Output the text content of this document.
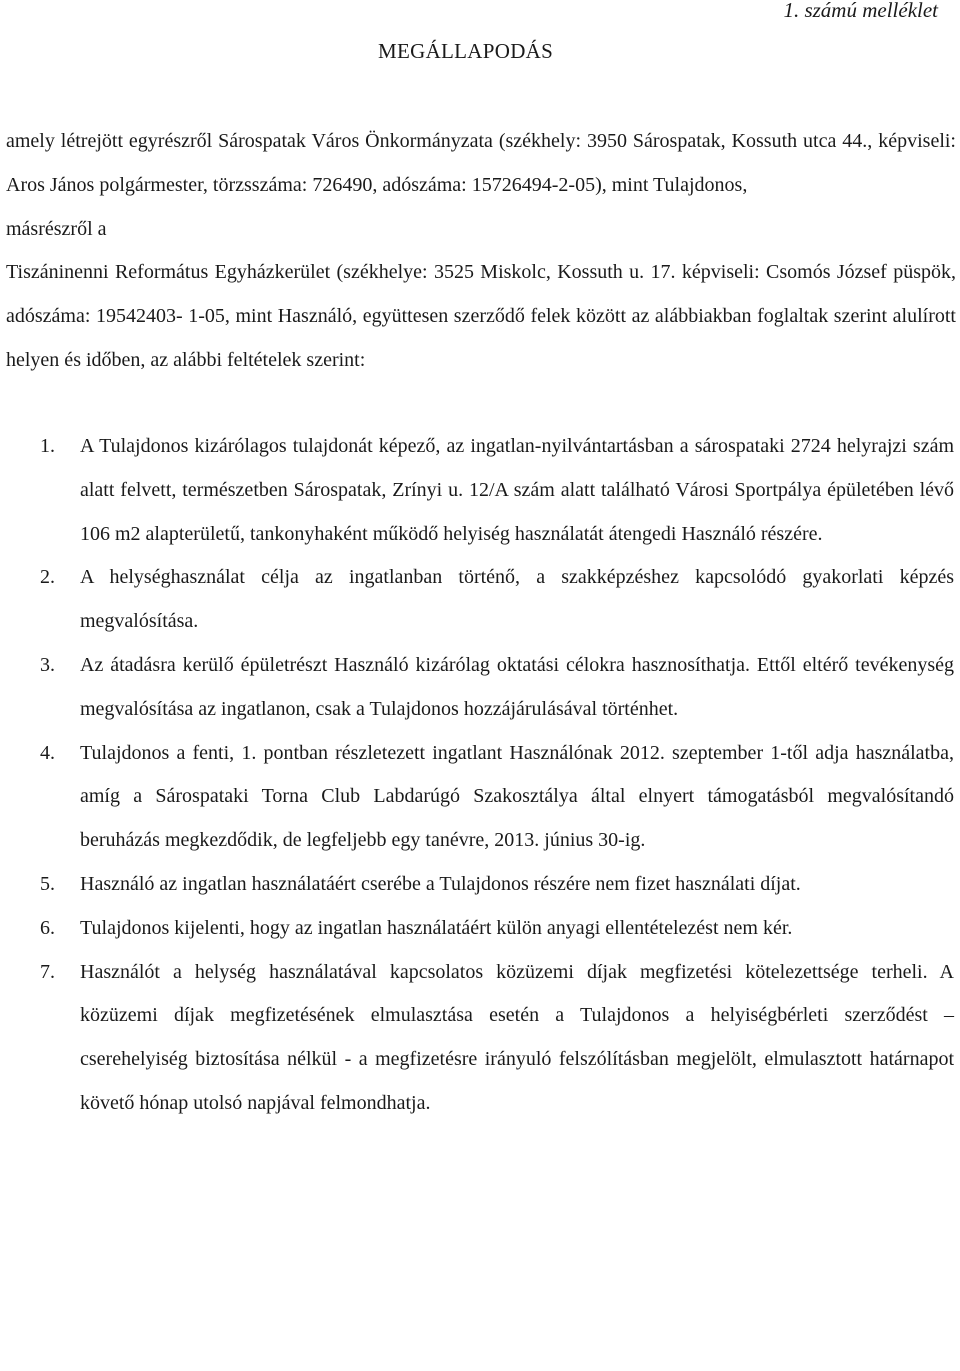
1. számú melléklet

MEGÁLLAPODÁS

amely létrejött egyrészről Sárospatak Város Önkormányzata (székhely: 3950 Sárospatak, Kossuth utca 44., képviseli: Aros János polgármester, törzsszáma: 726490, adószáma: 15726494-2-05), mint Tulajdonos,

másrészről a

Tiszáninenni Református Egyházkerület (székhelye: 3525 Miskolc, Kossuth u. 17. képviseli: Csomós József püspök, adószáma: 19542403- 1-05, mint Használó, együttesen szerződő felek között az alábbiakban foglaltak szerint alulírott helyen és időben, az alábbi feltételek szerint:

1. A Tulajdonos kizárólagos tulajdonát képező, az ingatlan-nyilvántartásban a sárospataki 2724 helyrajzi szám alatt felvett, természetben Sárospatak, Zrínyi u. 12/A szám alatt található Városi Sportpálya épületében lévő 106 m2 alapterületű, tankonyhaként működő helyiség használatát átengedi Használó részére.
2. A helységhasználat célja az ingatlanban történő, a szakképzéshez kapcsolódó gyakorlati képzés megvalósítása.
3. Az átadásra kerülő épületrészt Használó kizárólag oktatási célokra hasznosíthatja. Ettől eltérő tevékenység megvalósítása az ingatlanon, csak a Tulajdonos hozzájárulásával történhet.
4. Tulajdonos a fenti, 1. pontban részletezett ingatlant Használónak 2012. szeptember 1-től adja használatba, amíg a Sárospataki Torna Club Labdarúgó Szakosztálya által elnyert támogatásból megvalósítandó beruházás megkezdődik, de legfeljebb egy tanévre, 2013. június 30-ig.
5. Használó az ingatlan használatáért cserébe a Tulajdonos részére nem fizet használati díjat.
6. Tulajdonos kijelenti, hogy az ingatlan használatáért külön anyagi ellentételezést nem kér.
7. Használót a helység használatával kapcsolatos közüzemi díjak megfizetési kötelezettsége terheli. A közüzemi díjak megfizetésének elmulasztása esetén a Tulajdonos a helyiségbérleti szerződést – cserehelyiség biztosítása nélkül - a megfizetésre irányuló felszólításban megjelölt, elmulasztott határnapot követő hónap utolsó napjával felmondhatja.
